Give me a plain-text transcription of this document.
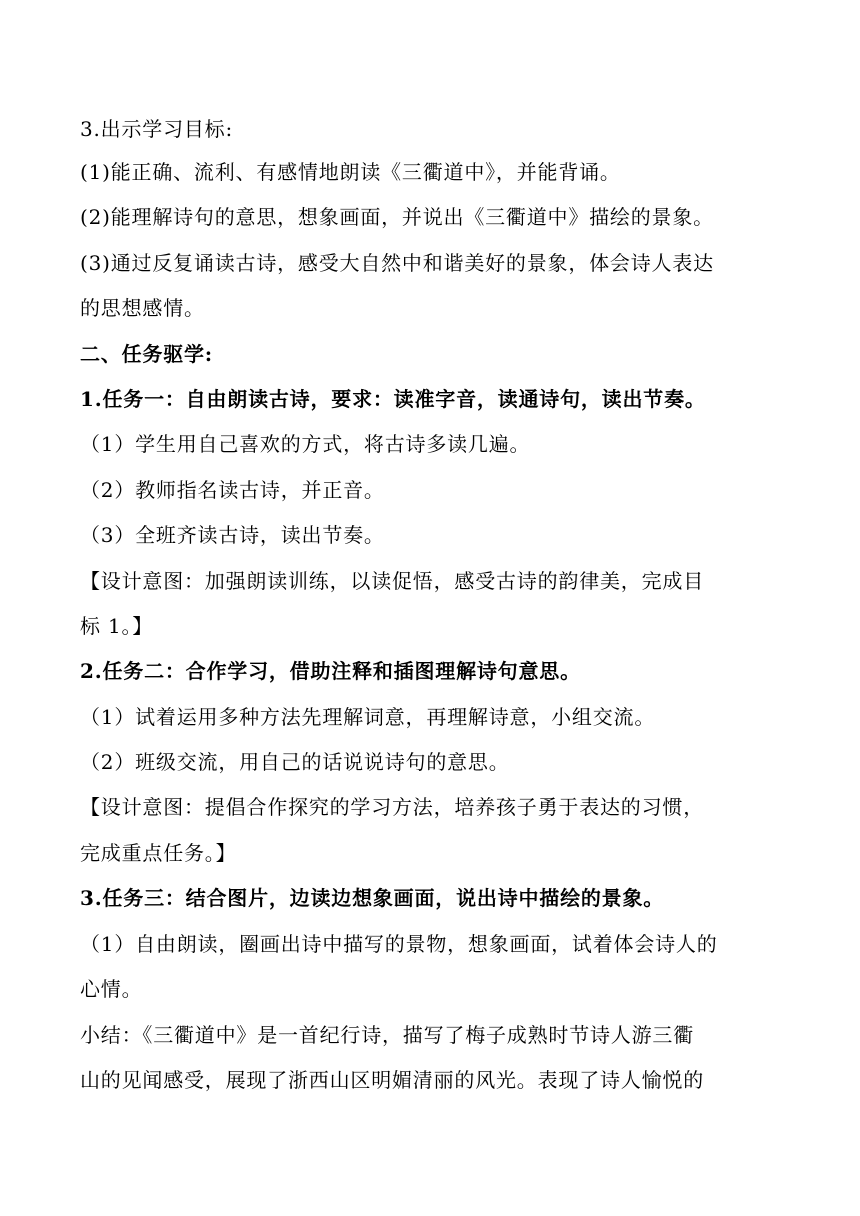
3.出示学习目标:
(1)能正确、流利、有感情地朗读《三衢道中》，并能背诵。
(2)能理解诗句的意思，想象画面，并说出《三衢道中》描绘的景象。
(3)通过反复诵读古诗，感受大自然中和谐美好的景象，体会诗人表达
的思想感情。
二、任务驱学:
1.任务一：自由朗读古诗，要求：读准字音，读通诗句，读出节奏。
（1）学生用自己喜欢的方式，将古诗多读几遍。
（2）教师指名读古诗，并正音。
（3）全班齐读古诗，读出节奏。
【设计意图：加强朗读训练，以读促悟，感受古诗的韵律美，完成目
标 1。】
2.任务二：合作学习，借助注释和插图理解诗句意思。
（1）试着运用多种方法先理解词意，再理解诗意，小组交流。
（2）班级交流，用自己的话说说诗句的意思。
【设计意图：提倡合作探究的学习方法，培养孩子勇于表达的习惯，
完成重点任务。】
3.任务三：结合图片，边读边想象画面，说出诗中描绘的景象。
（1）自由朗读，圈画出诗中描写的景物，想象画面，试着体会诗人的
心情。
小结：《三衢道中》是一首纪行诗，描写了梅子成熟时节诗人游三衢
山的见闻感受，展现了浙西山区明媚清丽的风光。表现了诗人愉悦的
